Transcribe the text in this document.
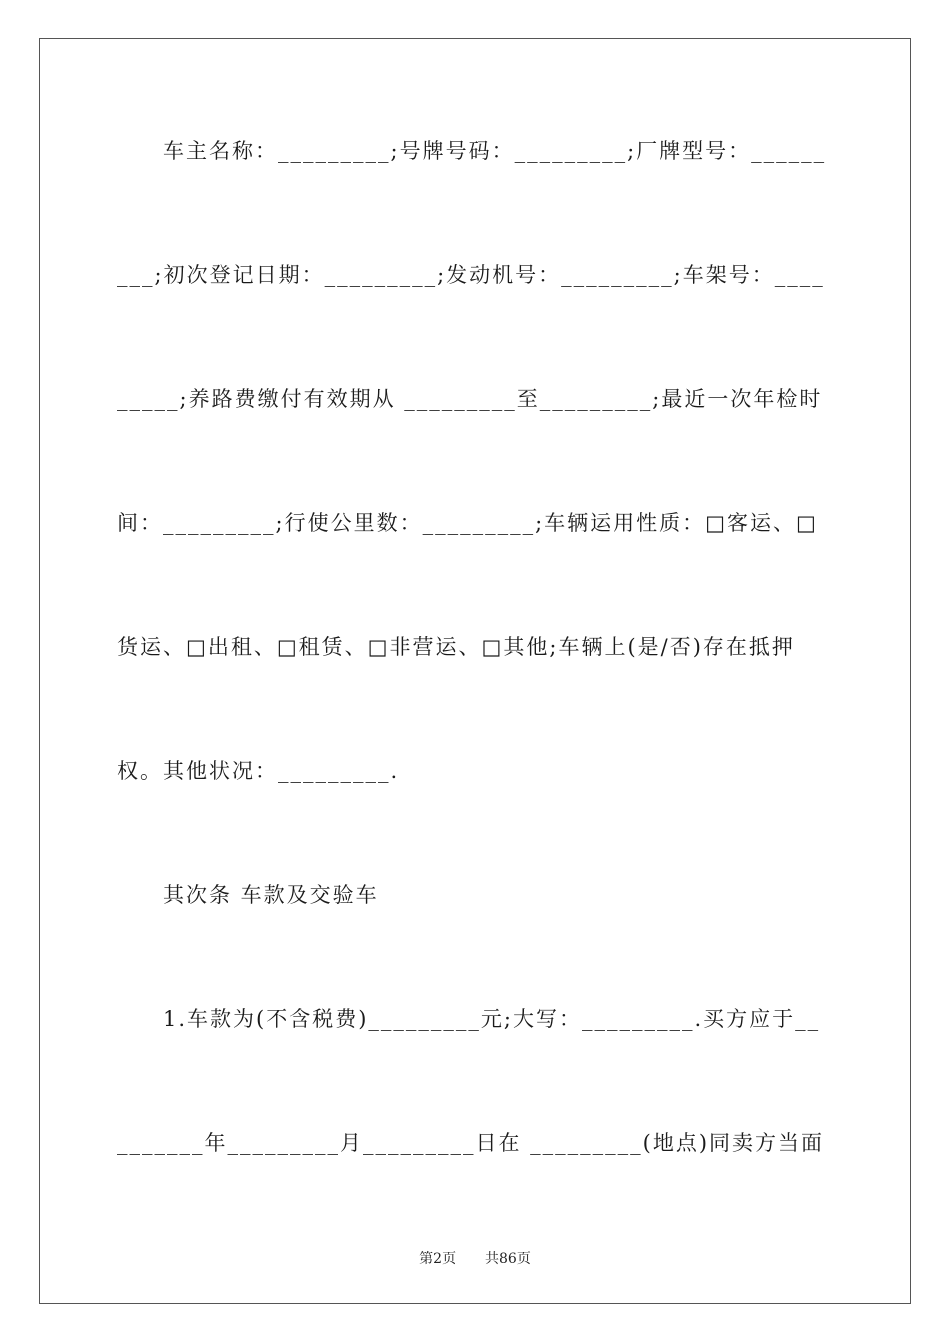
　　车主名称：_________;号牌号码：_________;厂牌型号：______
___;初次登记日期：_________;发动机号：_________;车架号：____
_____;养路费缴付有效期从 _________至_________;最近一次年检时
间：_________;行使公里数：_________;车辆运用性质：□客运、□
货运、□出租、□租赁、□非营运、□其他;车辆上(是/否)存在抵押
权。其他状况：_________.
　　其次条 车款及交验车
　　1.车款为(不含税费)_________元;大写：_________.买方应于__
_______年_________月_________日在 _________(地点)同卖方当面
第2页 共86页
